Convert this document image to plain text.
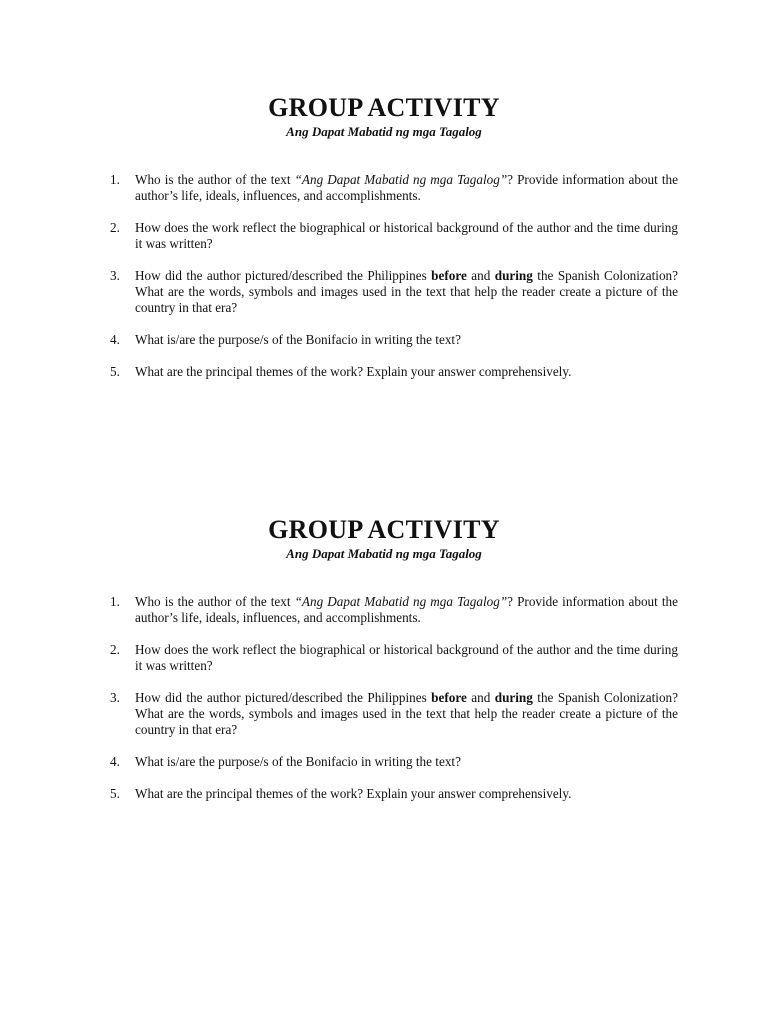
GROUP ACTIVITY

Ang Dapat Mabatid ng mga Tagalog

1. Who is the author of the text “Ang Dapat Mabatid ng mga Tagalog”? Provide information about the author’s life, ideals, influences, and accomplishments.
2. How does the work reflect the biographical or historical background of the author and the time during it was written?
3. How did the author pictured/described the Philippines before and during the Spanish Colonization? What are the words, symbols and images used in the text that help the reader create a picture of the country in that era?
4. What is/are the purpose/s of the Bonifacio in writing the text?
5. What are the principal themes of the work? Explain your answer comprehensively.
GROUP ACTIVITY

Ang Dapat Mabatid ng mga Tagalog

1. Who is the author of the text “Ang Dapat Mabatid ng mga Tagalog”? Provide information about the author’s life, ideals, influences, and accomplishments.
2. How does the work reflect the biographical or historical background of the author and the time during it was written?
3. How did the author pictured/described the Philippines before and during the Spanish Colonization? What are the words, symbols and images used in the text that help the reader create a picture of the country in that era?
4. What is/are the purpose/s of the Bonifacio in writing the text?
5. What are the principal themes of the work? Explain your answer comprehensively.
